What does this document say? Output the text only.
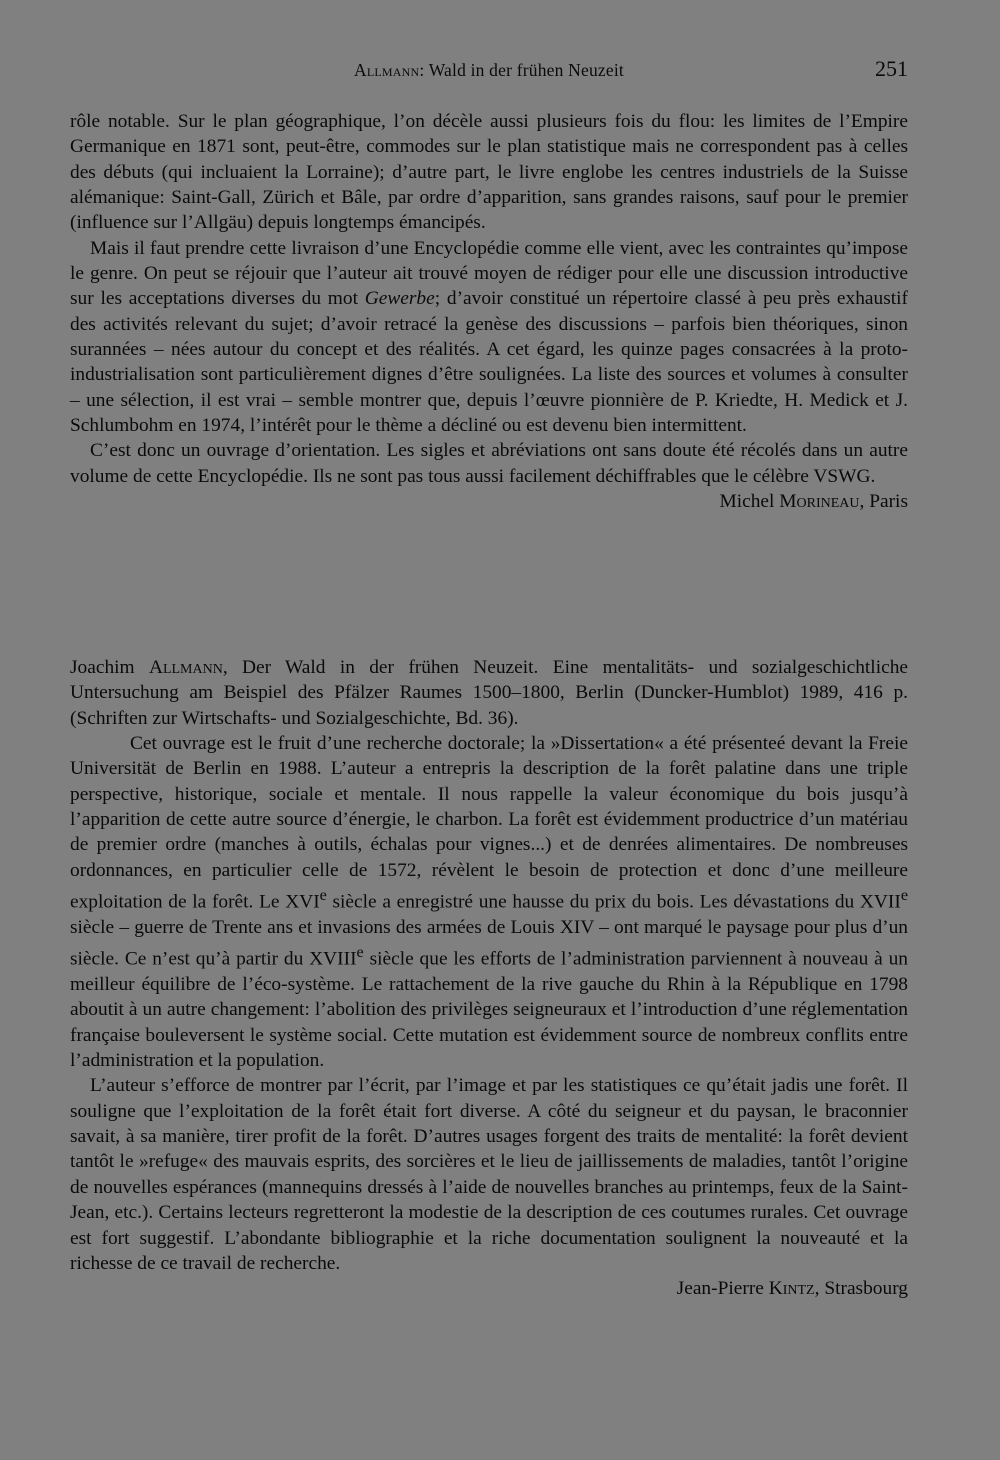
Allmann: Wald in der frühen Neuzeit	251

rôle notable. Sur le plan géographique, l’on décèle aussi plusieurs fois du flou: les limites de l’Empire Germanique en 1871 sont, peut-être, commodes sur le plan statistique mais ne correspondent pas à celles des débuts (qui incluaient la Lorraine); d’autre part, le livre englobe les centres industriels de la Suisse alémanique: Saint-Gall, Zürich et Bâle, par ordre d’apparition, sans grandes raisons, sauf pour le premier (influence sur l’Allgäu) depuis longtemps émancipés.

Mais il faut prendre cette livraison d’une Encyclopédie comme elle vient, avec les contraintes qu’impose le genre. On peut se réjouir que l’auteur ait trouvé moyen de rédiger pour elle une discussion introductive sur les acceptations diverses du mot Gewerbe; d’avoir constitué un répertoire classé à peu près exhaustif des activités relevant du sujet; d’avoir retracé la genèse des discussions – parfois bien théoriques, sinon surannées – nées autour du concept et des réalités. A cet égard, les quinze pages consacrées à la proto-industrialisation sont particulièrement dignes d’être soulignées. La liste des sources et volumes à consulter – une sélection, il est vrai – semble montrer que, depuis l’œuvre pionnière de P. Kriedte, H. Medick et J. Schlumbohm en 1974, l’intérêt pour le thème a décliné ou est devenu bien intermittent.

C’est donc un ouvrage d’orientation. Les sigles et abréviations ont sans doute été récolés dans un autre volume de cette Encyclopédie. Ils ne sont pas tous aussi facilement déchiffrables que le célèbre VSWG.

Michel Morineau, Paris

Joachim Allmann, Der Wald in der frühen Neuzeit. Eine mentalitäts- und sozialgeschichtliche Untersuchung am Beispiel des Pfälzer Raumes 1500–1800, Berlin (Duncker-Humblot) 1989, 416 p. (Schriften zur Wirtschafts- und Sozialgeschichte, Bd. 36).

Cet ouvrage est le fruit d’une recherche doctorale; la »Dissertation« a été présenteé devant la Freie Universität de Berlin en 1988. L’auteur a entrepris la description de la forêt palatine dans une triple perspective, historique, sociale et mentale. Il nous rappelle la valeur économique du bois jusqu’à l’apparition de cette autre source d’énergie, le charbon. La forêt est évidemment productrice d’un matériau de premier ordre (manches à outils, échalas pour vignes...) et de denrées alimentaires. De nombreuses ordonnances, en particulier celle de 1572, révèlent le besoin de protection et donc d’une meilleure exploitation de la forêt. Le XVIe siècle a enregistré une hausse du prix du bois. Les dévastations du XVIIe siècle – guerre de Trente ans et invasions des armées de Louis XIV – ont marqué le paysage pour plus d’un siècle. Ce n’est qu’à partir du XVIIIe siècle que les efforts de l’administration parviennent à nouveau à un meilleur équilibre de l’éco-système. Le rattachement de la rive gauche du Rhin à la République en 1798 aboutit à un autre changement: l’abolition des privilèges seigneuraux et l’introduction d’une réglementation française bouleversent le système social. Cette mutation est évidemment source de nombreux conflits entre l’administration et la population.

L’auteur s’efforce de montrer par l’écrit, par l’image et par les statistiques ce qu’était jadis une forêt. Il souligne que l’exploitation de la forêt était fort diverse. A côté du seigneur et du paysan, le braconnier savait, à sa manière, tirer profit de la forêt. D’autres usages forgent des traits de mentalité: la forêt devient tantôt le »refuge« des mauvais esprits, des sorcières et le lieu de jaillissements de maladies, tantôt l’origine de nouvelles espérances (mannequins dressés à l’aide de nouvelles branches au printemps, feux de la Saint-Jean, etc.). Certains lecteurs regretteront la modestie de la description de ces coutumes rurales. Cet ouvrage est fort suggestif. L’abondante bibliographie et la riche documentation soulignent la nouveauté et la richesse de ce travail de recherche.

Jean-Pierre Kintz, Strasbourg
